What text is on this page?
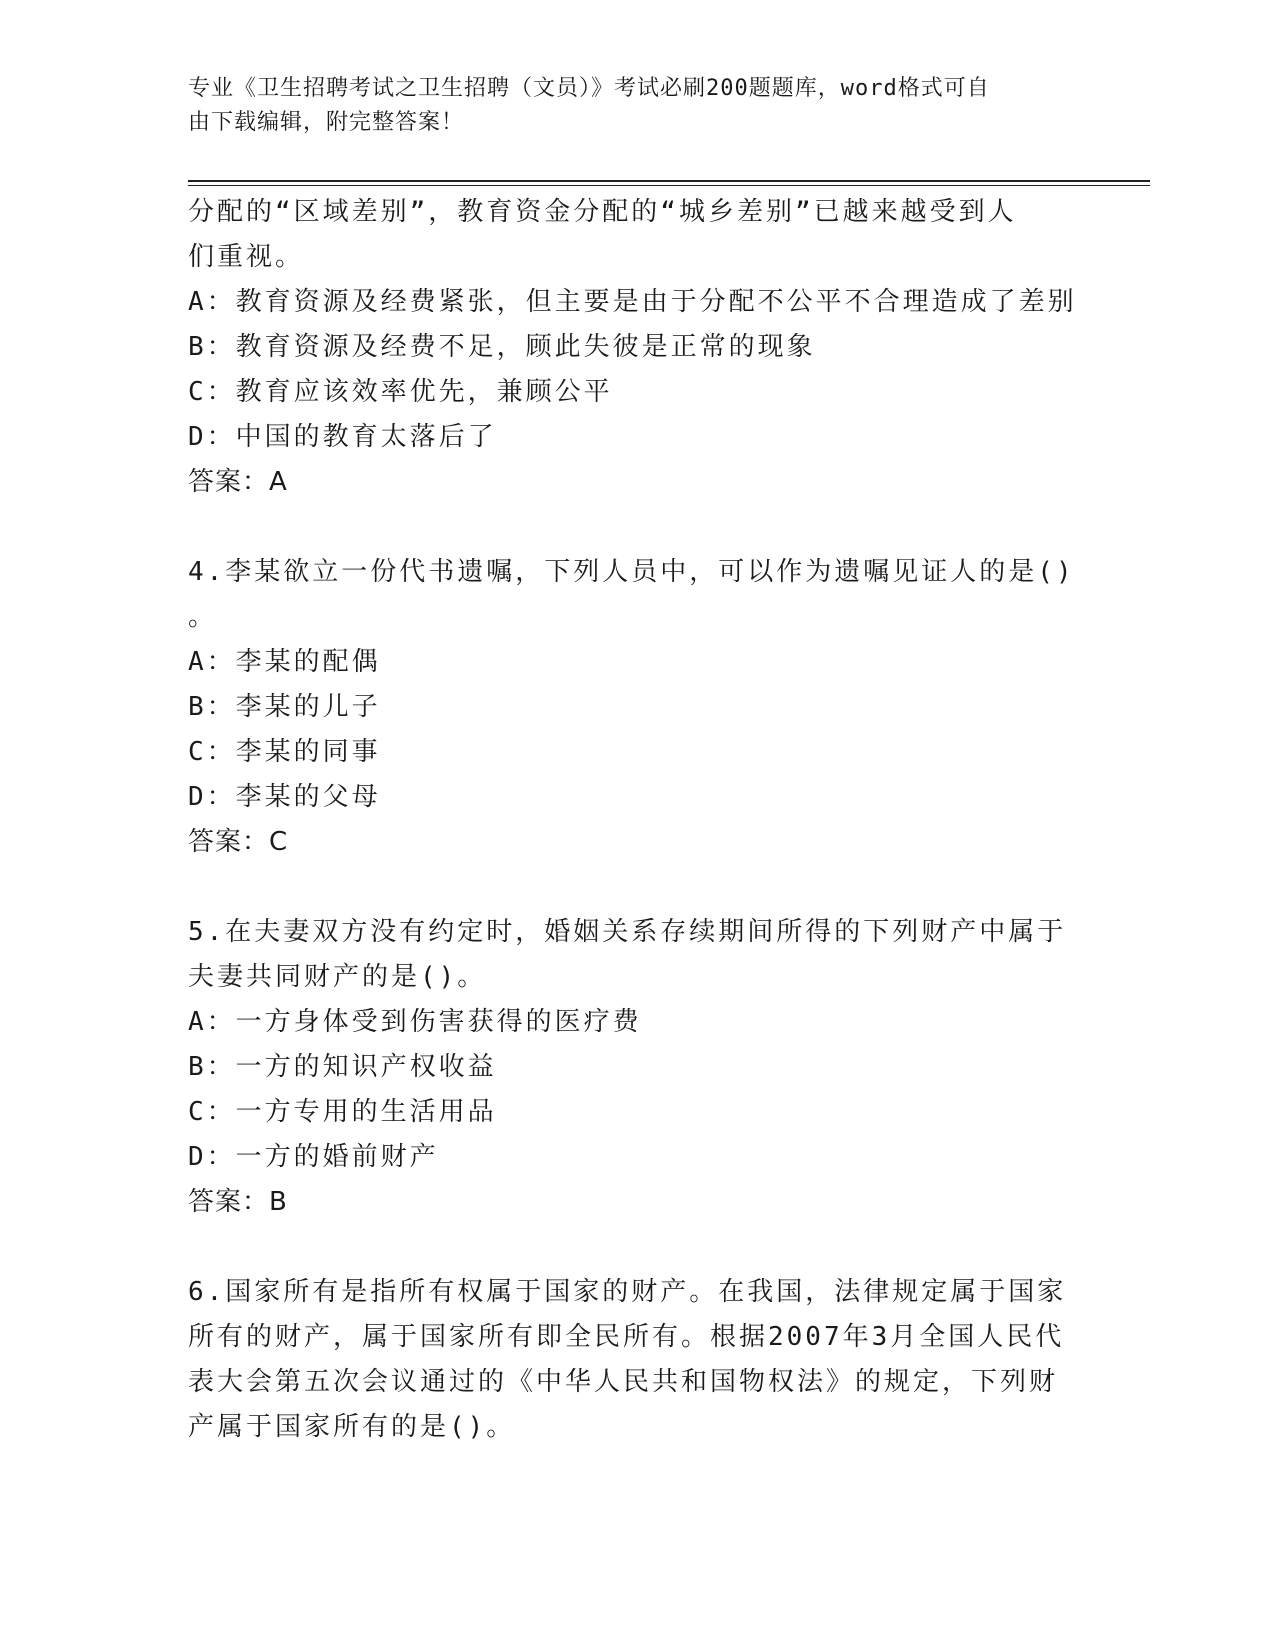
专业《卫生招聘考试之卫生招聘（文员）》考试必刷200题题库，word格式可自
由下载编辑，附完整答案！
分配的“区域差别”，教育资金分配的“城乡差别”已越来越受到人
们重视。
A：教育资源及经费紧张，但主要是由于分配不公平不合理造成了差别
B：教育资源及经费不足，顾此失彼是正常的现象
C：教育应该效率优先，兼顾公平
D：中国的教育太落后了
答案：A
4.李某欲立一份代书遗嘱，下列人员中，可以作为遗嘱见证人的是()
。
A：李某的配偶
B：李某的儿子
C：李某的同事
D：李某的父母
答案：C
5.在夫妻双方没有约定时，婚姻关系存续期间所得的下列财产中属于
夫妻共同财产的是()。
A：一方身体受到伤害获得的医疗费
B：一方的知识产权收益
C：一方专用的生活用品
D：一方的婚前财产
答案：B
6.国家所有是指所有权属于国家的财产。在我国，法律规定属于国家
所有的财产，属于国家所有即全民所有。根据2007年3月全国人民代
表大会第五次会议通过的《中华人民共和国物权法》的规定，下列财
产属于国家所有的是()。
